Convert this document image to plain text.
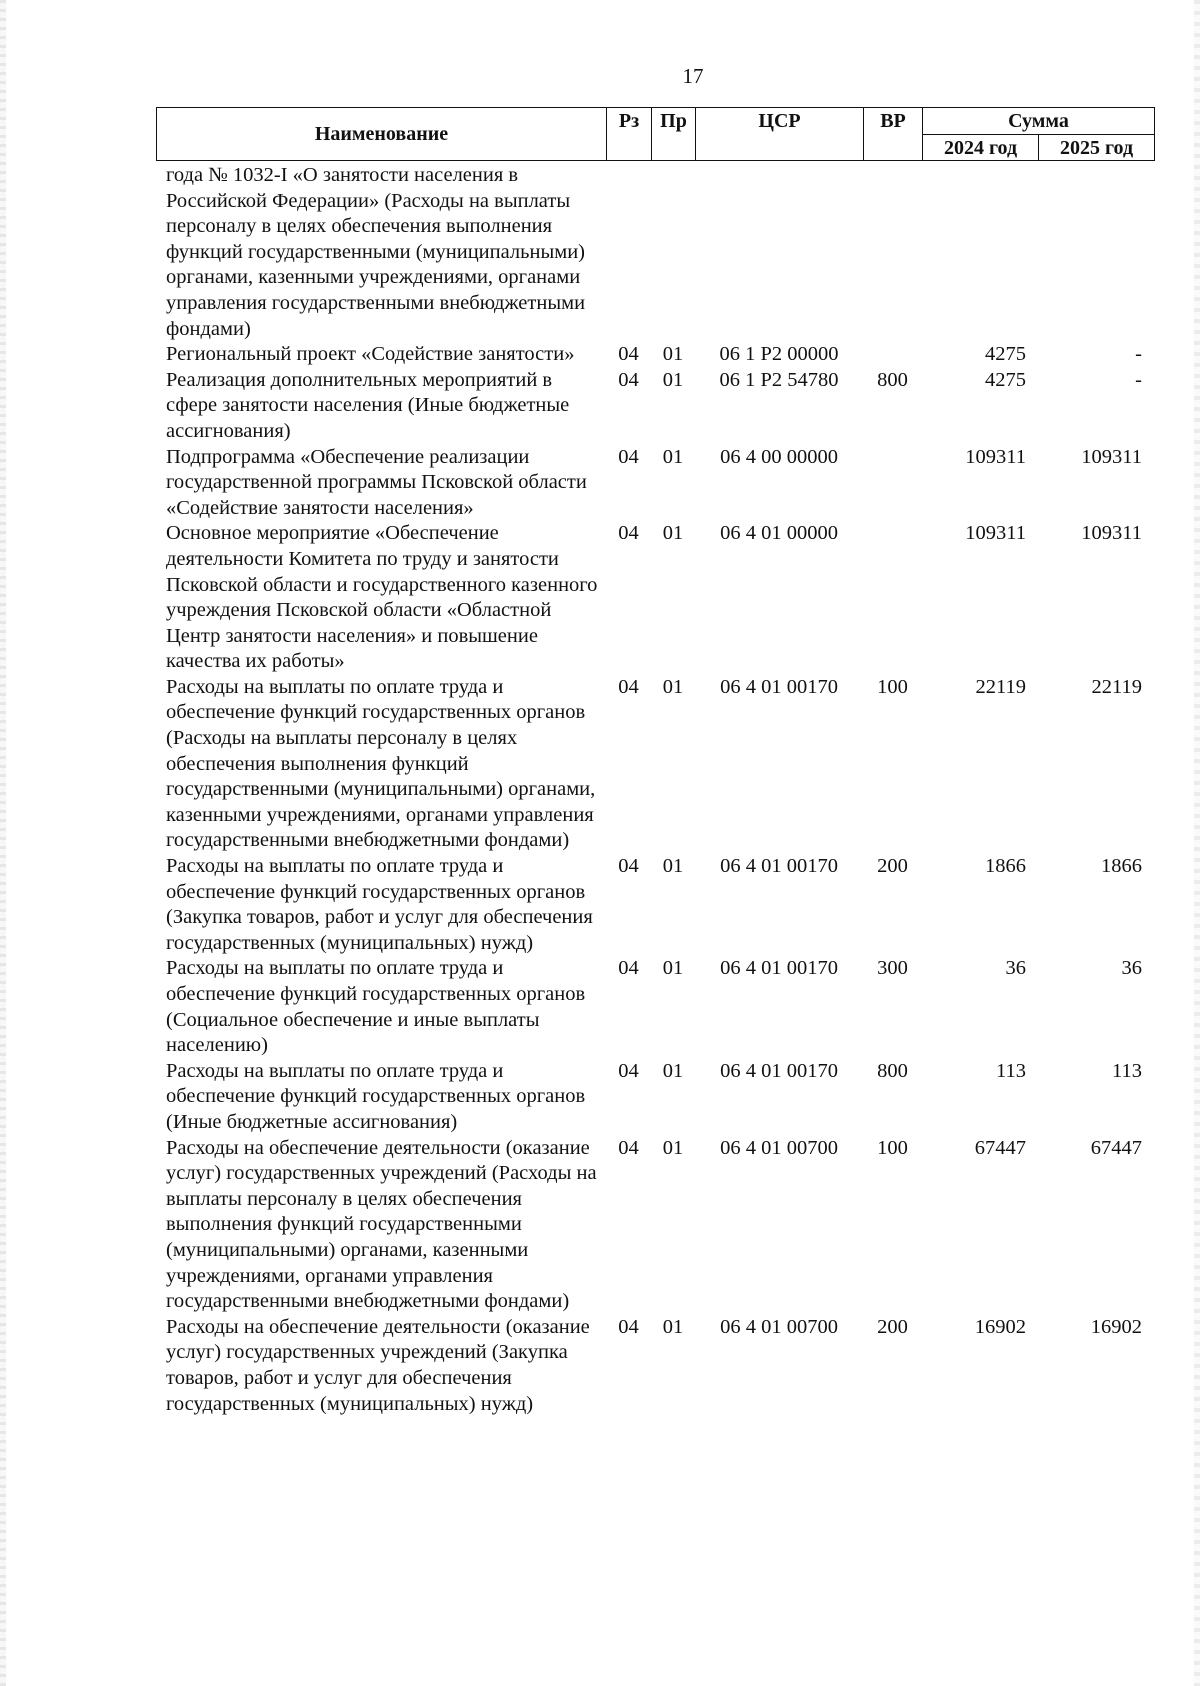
17
Наименование	Рз	Пр	ЦСР	ВР	Сумма	
					2024 год	2025 год
года № 1032-I «О занятости населения в Российской Федерации» (Расходы на выплаты персоналу в целях обеспечения выполнения функций государственными (муниципальными) органами, казенными учреждениями, органами управления государственными внебюджетными фондами)						
Региональный проект «Содействие занятости»	04	01	06 1 P2 00000		4275	-
Реализация дополнительных мероприятий в сфере занятости населения (Иные бюджетные ассигнования)	04	01	06 1 P2 54780	800	4275	-
Подпрограмма «Обеспечение реализации государственной программы Псковской области «Содействие занятости населения»	04	01	06 4 00 00000		109311	109311
Основное мероприятие «Обеспечение деятельности Комитета по труду и занятости Псковской области и государственного казенного учреждения Псковской области «Областной Центр занятости населения» и повышение качества их работы»	04	01	06 4 01 00000		109311	109311
Расходы на выплаты по оплате труда и обеспечение функций государственных органов (Расходы на выплаты персоналу в целях обеспечения выполнения функций государственными (муниципальными) органами, казенными учреждениями, органами управления государственными внебюджетными фондами)	04	01	06 4 01 00170	100	22119	22119
Расходы на выплаты по оплате труда и обеспечение функций государственных органов (Закупка товаров, работ и услуг для обеспечения государственных (муниципальных) нужд)	04	01	06 4 01 00170	200	1866	1866
Расходы на выплаты по оплате труда и обеспечение функций государственных органов (Социальное обеспечение и иные выплаты населению)	04	01	06 4 01 00170	300	36	36
Расходы на выплаты по оплате труда и обеспечение функций государственных органов (Иные бюджетные ассигнования)	04	01	06 4 01 00170	800	113	113
Расходы на обеспечение деятельности (оказание услуг) государственных учреждений (Расходы на выплаты персоналу в целях обеспечения выполнения функций государственными (муниципальными) органами, казенными учреждениями, органами управления государственными внебюджетными фондами)	04	01	06 4 01 00700	100	67447	67447
Расходы на обеспечение деятельности (оказание услуг) государственных учреждений (Закупка товаров, работ и услуг для обеспечения государственных (муниципальных) нужд)	04	01	06 4 01 00700	200	16902	16902
